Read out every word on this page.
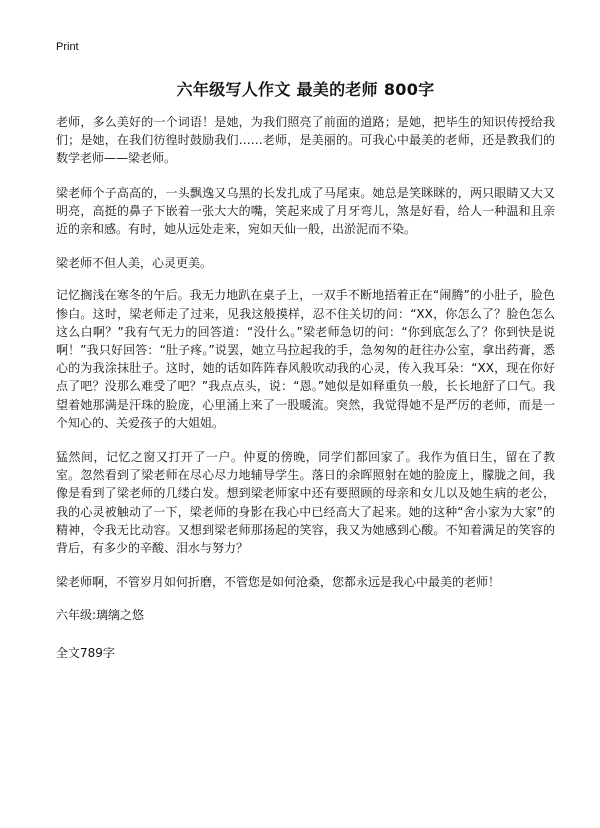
Print
六年级写人作文 最美的老师 800字

老师，多么美好的一个词语！是她，为我们照亮了前面的道路；是她，把毕生的知识传授给我们；是她，在我们彷徨时鼓励我们……老师，是美丽的。可我心中最美的老师，还是教我们的数学老师——梁老师。

梁老师个子高高的，一头飘逸又乌黑的长发扎成了马尾束。她总是笑眯眯的，两只眼睛又大又明亮，高挺的鼻子下嵌着一张大大的嘴，笑起来成了月牙弯儿，煞是好看，给人一种温和且亲近的亲和感。有时，她从远处走来，宛如天仙一般，出淤泥而不染。

梁老师不但人美，心灵更美。

记忆搁浅在寒冬的午后。我无力地趴在桌子上，一双手不断地捂着正在“闹腾”的小肚子，脸色惨白。这时，梁老师走了过来，见我这般摸样，忍不住关切的问：“XX，你怎么了？脸色怎么这么白啊？”我有气无力的回答道：“没什么。”梁老师急切的问：“你到底怎么了？你到快是说啊！”我只好回答：“肚子疼。”说罢，她立马拉起我的手，急匆匆的赶往办公室，拿出药膏，悉心的为我涂抹肚子。这时，她的话如阵阵春风般吹动我的心灵，传入我耳朵：“XX，现在你好点了吧？没那么难受了吧？”我点点头，说：“恩。”她似是如释重负一般，长长地舒了口气。我望着她那满是汗珠的脸庞，心里涌上来了一股暖流。突然，我觉得她不是严厉的老师，而是一个知心的、关爱孩子的大姐姐。

猛然间，记忆之窗又打开了一户。仲夏的傍晚，同学们都回家了。我作为值日生，留在了教室。忽然看到了梁老师在尽心尽力地辅导学生。落日的余晖照射在她的脸庞上，朦胧之间，我像是看到了梁老师的几缕白发。想到梁老师家中还有要照顾的母亲和女儿以及她生病的老公，我的心灵被触动了一下，梁老师的身影在我心中已经高大了起来。她的这种“舍小家为大家”的精神，令我无比动容。又想到梁老师那扬起的笑容，我又为她感到心酸。不知着满足的笑容的背后，有多少的辛酸、泪水与努力？

梁老师啊，不管岁月如何折磨，不管您是如何沧桑，您都永远是我心中最美的老师！

六年级:璃缡之悠
全文789字
